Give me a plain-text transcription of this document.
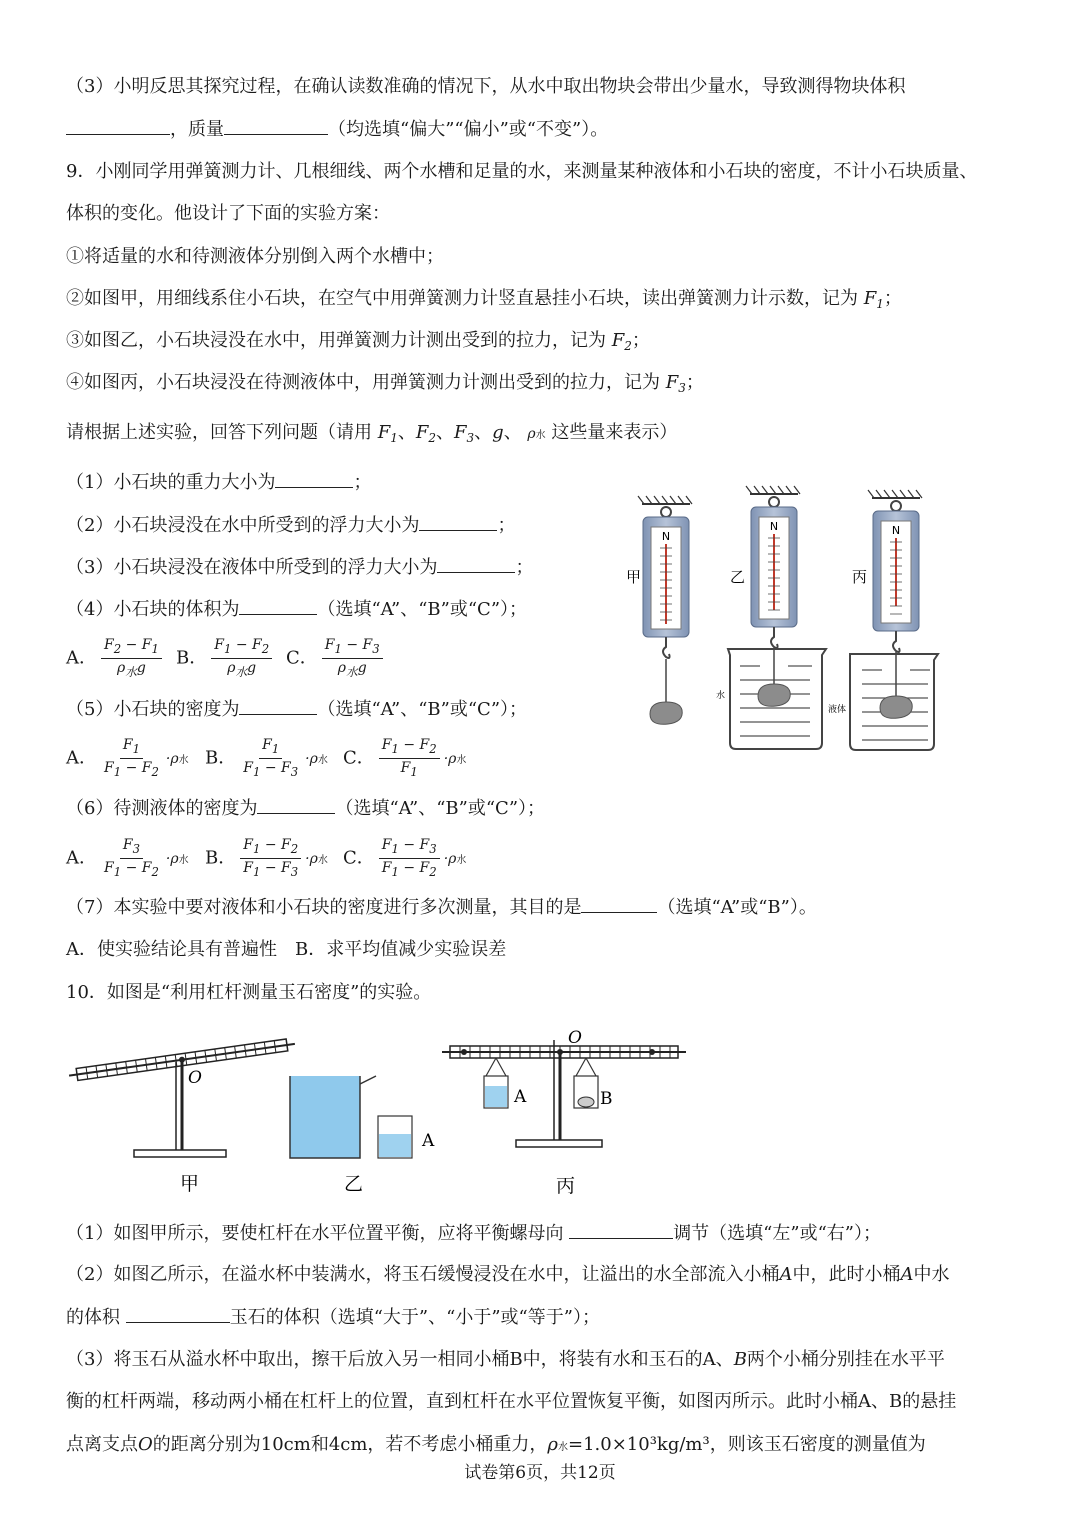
（3）小明反思其探究过程，在确认读数准确的情况下，从水中取出物块会带出少量水，导致测得物块体积
，质量	（均选填“偏大”“偏小”或“不变”）。
9．小刚同学用弹簧测力计、几根细线、两个水槽和足量的水，来测量某种液体和小石块的密度，不计小石块质量、
体积的变化。他设计了下面的实验方案：
①将适量的水和待测液体分别倒入两个水槽中；
②如图甲，用细线系住小石块，在空气中用弹簧测力计竖直悬挂小石块，读出弹簧测力计示数，记为 $F_1$；
③如图乙，小石块浸没在水中，用弹簧测力计测出受到的拉力，记为 $F_2$；
④如图丙，小石块浸没在待测液体中，用弹簧测力计测出受到的拉力，记为 $F_3$；
请根据上述实验，回答下列问题（请用 $F_1$、$F_2$、$F_3$、g、 ρ水 这些量来表示）
（1）小石块的重力大小为	；
（2）小石块浸没在水中所受到的浮力大小为	；
（3）小石块浸没在液体中所受到的浮力大小为	；
（4）小石块的体积为	（选填“A”、“B”或“C”）；
A． $\frac{F_2 - F_1}{\rho_水g}$ B． $\frac{F_1 - F_2}{\rho_水g}$ C． $\frac{F_1 - F_3}{\rho_水g}$
（5）小石块的密度为	（选填“A”、“B”或“C”）；
A． $\frac{F_1}{F_1 - F_2} \cdot\rho$水 B． $\frac{F_1}{F_1 - F_3} \cdot\rho$水 C． $\frac{F_1 - F_2}{F_1} \cdot\rho$水
（6）待测液体的密度为	（选填“A”、“B”或“C”）；
A． $\frac{F_3}{F_1 - F_2} \cdot\rho$水 B． $\frac{F_1 - F_2}{F_1 - F_3} \cdot\rho$水 C． $\frac{F_1 - F_3}{F_1 - F_2} \cdot\rho$水
（7）本实验中要对液体和小石块的密度进行多次测量，其目的是	（选填“A”或“B”）。
A．使实验结论具有普遍性　B．求平均值减少实验误差
N
甲
N
乙
水
N
丙
液体
10．如图是“利用杠杆测量玉石密度”的实验。
O
甲
A
乙
O
A	B
丙
（1）如图甲所示，要使杠杆在水平位置平衡，应将平衡螺母向	调节（选填“左”或“右”）；
（2）如图乙所示，在溢水杯中装满水，将玉石缓慢浸没在水中，让溢出的水全部流入小桶A中，此时小桶A中水
的体积	玉石的体积（选填“大于”、“小于”或“等于”）；
（3）将玉石从溢水杯中取出，擦干后放入另一相同小桶B中，将装有水和玉石的A、B两个小桶分别挂在水平平
衡的杠杆两端，移动两小桶在杠杆上的位置，直到杠杆在水平位置恢复平衡，如图丙所示。此时小桶A、B的悬挂
点离支点O的距离分别为10cm和4cm，若不考虑小桶重力，ρ水=1.0×10³kg/m³，则该玉石密度的测量值为
试卷第6页，共12页
